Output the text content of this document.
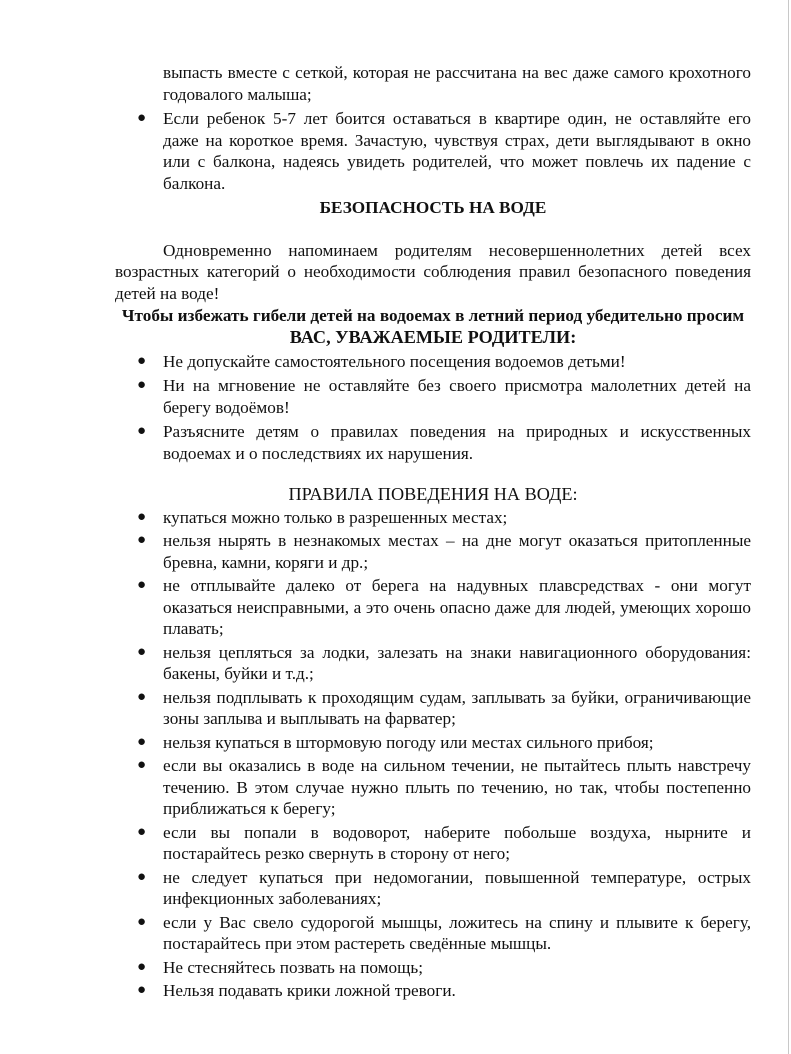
выпасть вместе с сеткой, которая не рассчитана на вес даже самого крохотного годовалого малыша;
● Если ребенок 5-7 лет боится оставаться в квартире один, не оставляйте его даже на короткое время. Зачастую, чувствуя страх, дети выглядывают в окно или с балкона, надеясь увидеть родителей, что может повлечь их падение с балкона.
БЕЗОПАСНОСТЬ НА ВОДЕ

Одновременно напоминаем родителям несовершеннолетних детей всех возрастных категорий о необходимости соблюдения правил безопасного поведения детей на воде!

Чтобы избежать гибели детей на водоемах в летний период убедительно просим

ВАС, УВАЖАЕМЫЕ РОДИТЕЛИ:

● Не допускайте самостоятельного посещения водоемов детьми!
● Ни на мгновение не оставляйте без своего присмотра малолетних детей на берегу водоёмов!
● Разъясните детям о правилах поведения на природных и искусственных водоемах и о последствиях их нарушения.

ПРАВИЛА ПОВЕДЕНИЯ НА ВОДЕ:

● купаться можно только в разрешенных местах;
● нельзя нырять в незнакомых местах – на дне могут оказаться притопленные бревна, камни, коряги и др.;
● не отплывайте далеко от берега на надувных плавсредствах - они могут оказаться неисправными, а это очень опасно даже для людей, умеющих хорошо плавать;
● нельзя цепляться за лодки, залезать на знаки навигационного оборудования: бакены, буйки и т.д.;
● нельзя подплывать к проходящим судам, заплывать за буйки, ограничивающие зоны заплыва и выплывать на фарватер;
● нельзя купаться в штормовую погоду или местах сильного прибоя;
● если вы оказались в воде на сильном течении, не пытайтесь плыть навстречу течению. В этом случае нужно плыть по течению, но так, чтобы постепенно приближаться к берегу;
● если вы попали в водоворот, наберите побольше воздуха, нырните и постарайтесь резко свернуть в сторону от него;
● не следует купаться при недомогании, повышенной температуре, острых инфекционных заболеваниях;
● если у Вас свело судорогой мышцы, ложитесь на спину и плывите к берегу, постарайтесь при этом растереть сведённые мышцы.
● Не стесняйтесь позвать на помощь;
● Нельзя подавать крики ложной тревоги.
